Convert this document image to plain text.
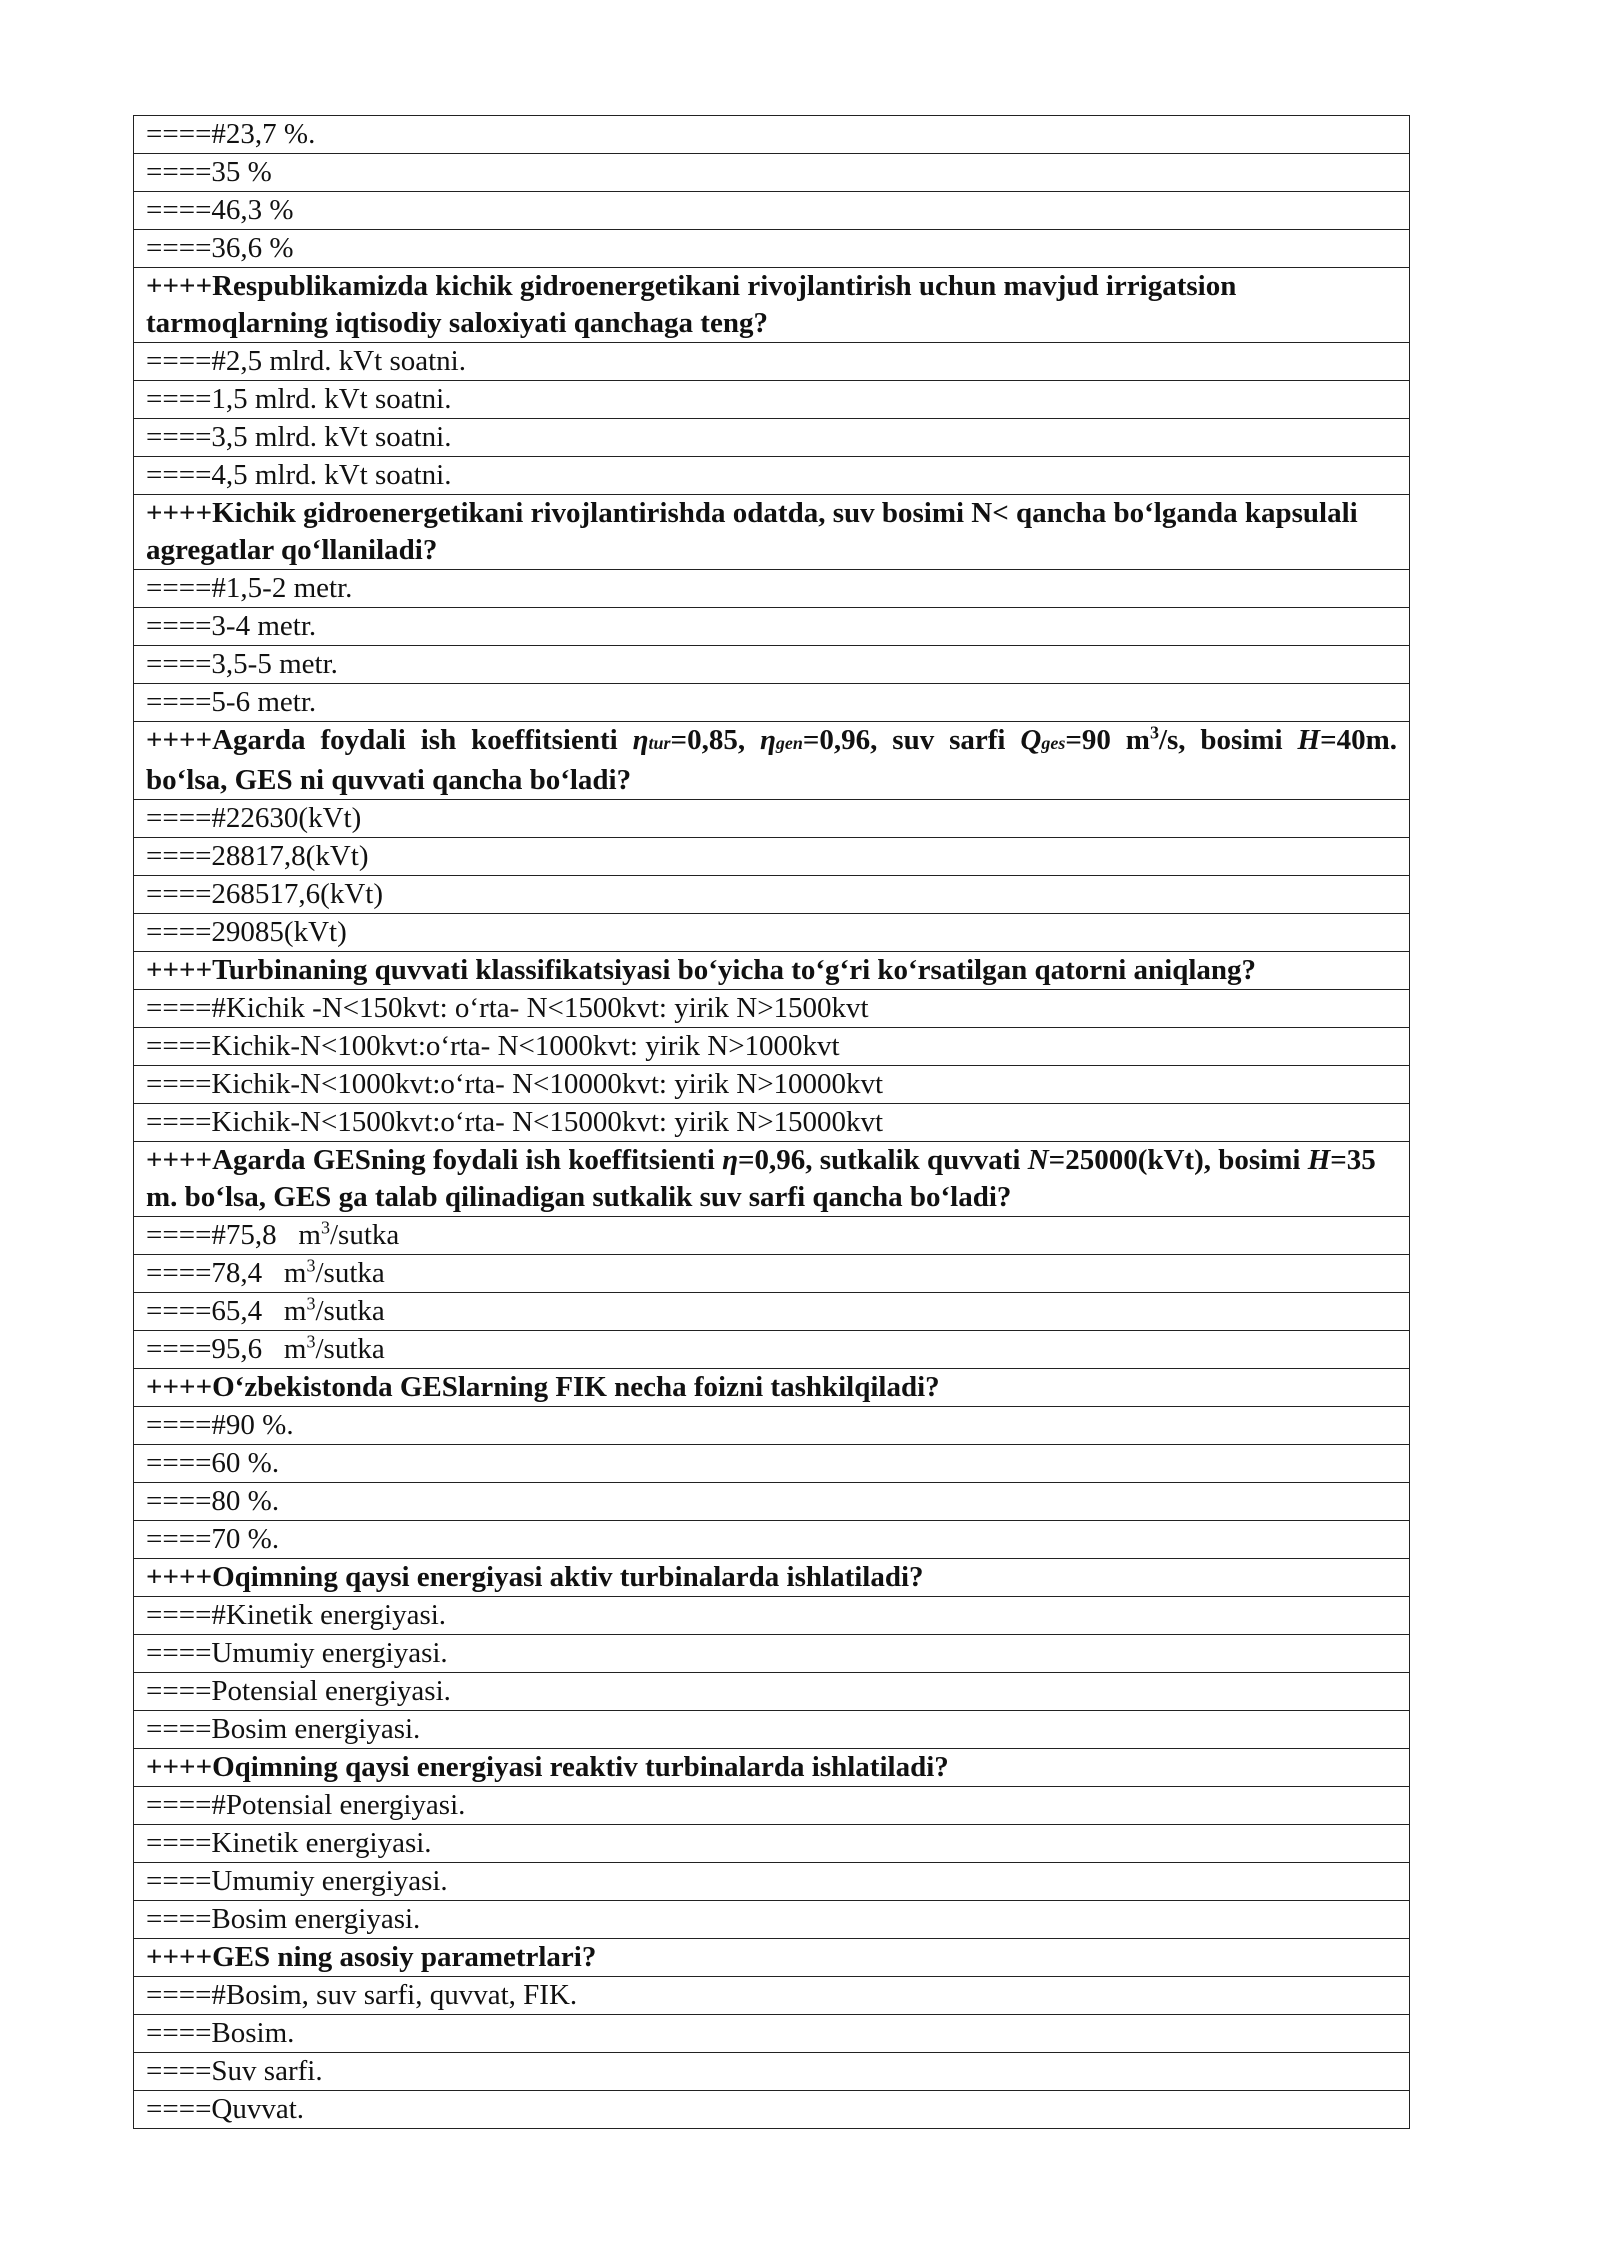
====#23,7 %.
====35 %
====46,3 %
====36,6 %
++++Respublikamizda kichik gidroenergetikani rivojlantirish uchun mavjud irrigatsion tarmoqlarning iqtisodiy saloxiyati qanchaga teng?
====#2,5 mlrd. kVt soatni.
====1,5 mlrd. kVt soatni.
====3,5 mlrd. kVt soatni.
====4,5 mlrd. kVt soatni.
++++Kichik gidroenergetikani rivojlantirishda odatda, suv bosimi N< qancha bo‘lganda kapsulali agregatlar qo‘llaniladi?
====#1,5-2 metr.
====3-4 metr.
====3,5-5 metr.
====5-6 metr.
++++Agarda foydali ish koeffitsienti ηtur=0,85, ηgen=0,96, suv sarfi Qges=90 $m^3/s$, bosimi H=40m. bo‘lsa, GES ni quvvati qancha bo‘ladi?
====#22630(kVt)
====28817,8(kVt)
====268517,6(kVt)
====29085(kVt)
++++Turbinaning quvvati klassifikatsiyasi bo‘yicha to‘g‘ri ko‘rsatilgan qatorni aniqlang?
====#Kichik -N<150kvt: o‘rta- N<1500kvt: yirik N>1500kvt
====Kichik-N<100kvt:o‘rta- N<1000kvt: yirik N>1000kvt
====Kichik-N<1000kvt:o‘rta- N<10000kvt: yirik N>10000kvt
====Kichik-N<1500kvt:o‘rta- N<15000kvt: yirik N>15000kvt
++++Agarda GESning foydali ish koeffitsienti η=0,96, sutkalik quvvati N=25000(kVt), bosimi H=35 m. bo‘lsa, GES ga talab qilinadigan sutkalik suv sarfi qancha bo‘ladi?
====#75,8   $m^3$/sutka
====78,4   $m^3$/sutka
====65,4   $m^3$/sutka
====95,6   $m^3$/sutka
++++O‘zbekistonda GESlarning FIK necha foizni tashkilqiladi?
====#90 %.
====60 %.
====80 %.
====70 %.
++++Oqimning qaysi energiyasi aktiv turbinalarda ishlatiladi?
====#Kinetik energiyasi.
====Umumiy energiyasi.
====Potensial energiyasi.
====Bosim energiyasi.
++++Oqimning qaysi energiyasi reaktiv turbinalarda ishlatiladi?
====#Potensial energiyasi.
====Kinetik energiyasi.
====Umumiy energiyasi.
====Bosim energiyasi.
++++GES ning asosiy parametrlari?
====#Bosim, suv sarfi, quvvat, FIK.
====Bosim.
====Suv sarfi.
====Quvvat.
